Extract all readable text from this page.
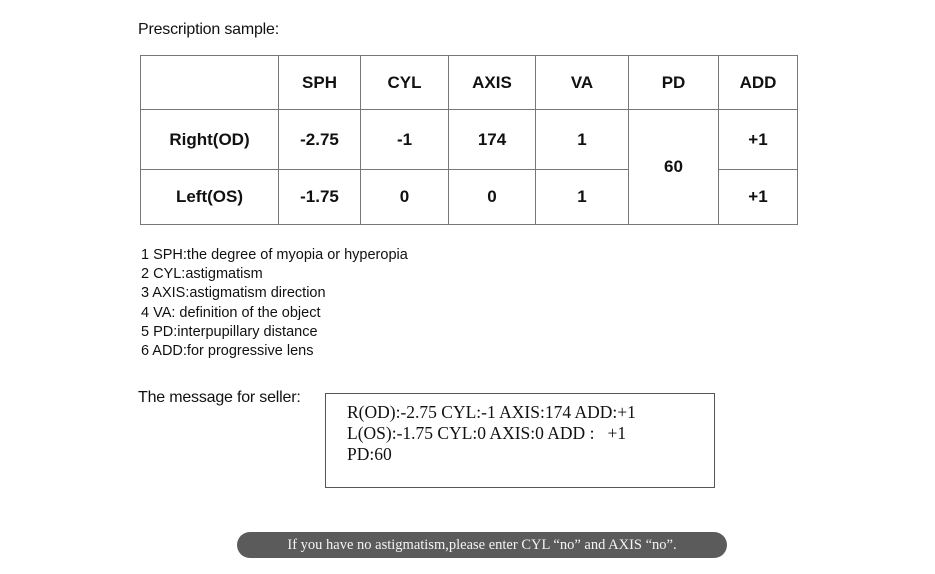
Prescription sample:
	SPH	CYL	AXIS	VA	PD	ADD
Right(OD)	-2.75	-1	174	1	60	+1
Left(OS)	-1.75	0	0	1		+1
1 SPH:the degree of myopia or hyperopia
2 CYL:astigmatism
3 AXIS:astigmatism direction
4 VA: definition of the object
5 PD:interpupillary distance
6 ADD:for progressive lens
The message for seller:
R(OD):-2.75 CYL:-1 AXIS:174 ADD:+1
L(OS):-1.75 CYL:0 AXIS:0 ADD :   +1
PD:60
If you have no astigmatism,please enter CYL “no” and AXIS “no”.
